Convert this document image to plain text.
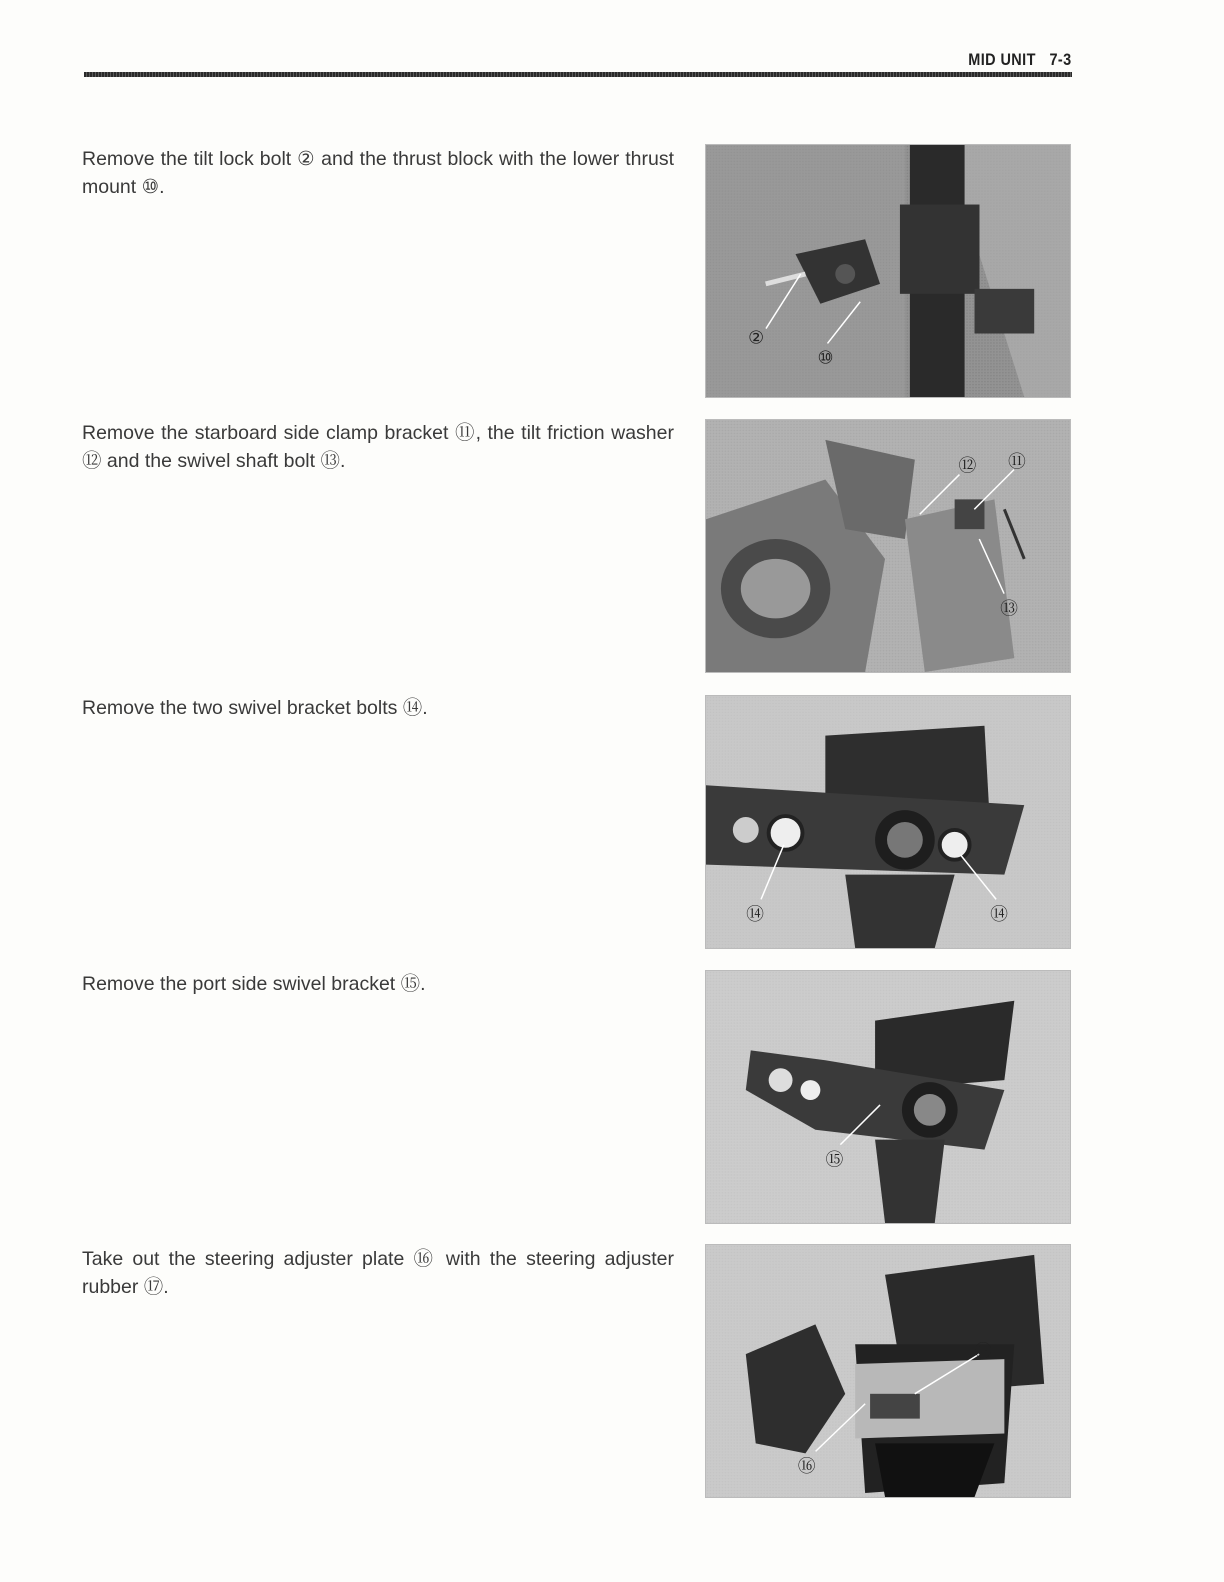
MID UNIT 7-3
Remove the tilt lock bolt ② and the thrust block with the lower thrust mount ⑩.
②
⑩
Remove the starboard side clamp bracket ⑪, the tilt friction washer ⑫ and the swivel shaft bolt ⑬.	⑫ ⑪
⑬
Remove the two swivel bracket bolts ⑭.
⑭	⑭
Remove the port side swivel bracket ⑮.
⑮
Take out the steering adjuster plate ⑯ with the steering adjuster rubber ⑰.
⑰
⑯
